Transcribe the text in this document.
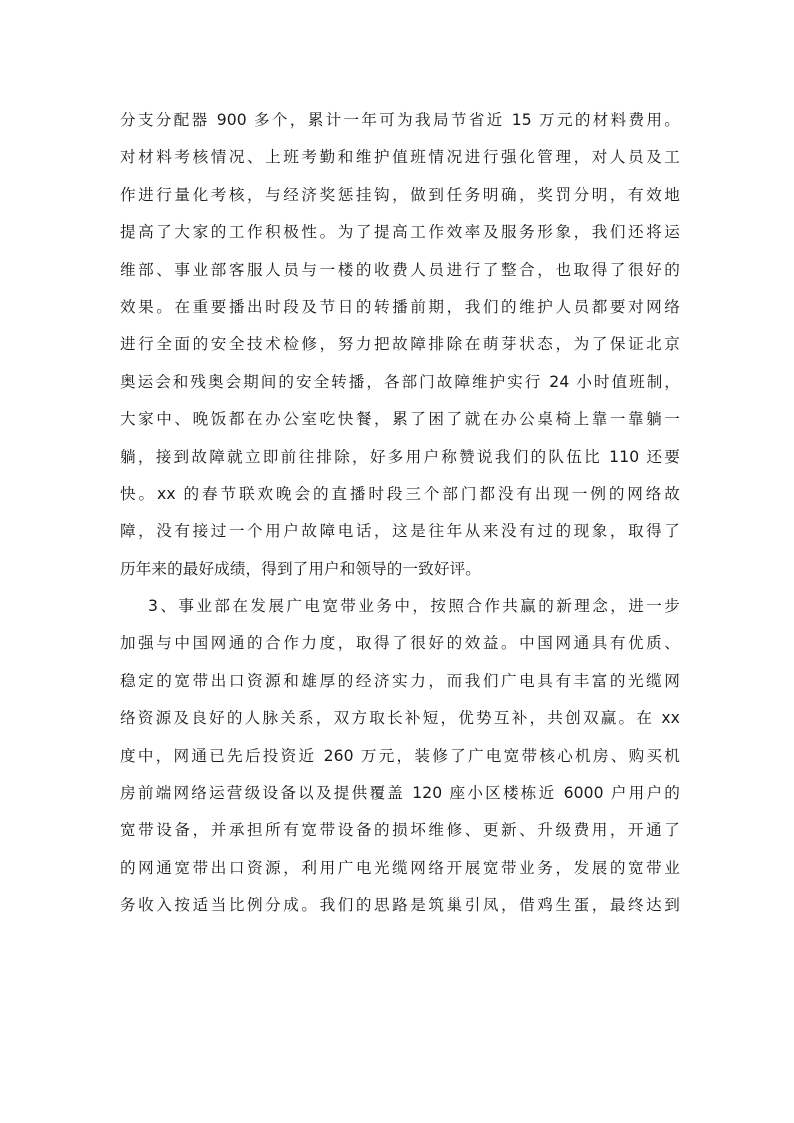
分支分配器 900 多个，累计一年可为我局节省近 15 万元的材料费用。
对材料考核情况、上班考勤和维护值班情况进行强化管理，对人员及工
作进行量化考核，与经济奖惩挂钩，做到任务明确，奖罚分明，有效地
提高了大家的工作积极性。为了提高工作效率及服务形象，我们还将运
维部、事业部客服人员与一楼的收费人员进行了整合，也取得了很好的
效果。在重要播出时段及节日的转播前期，我们的维护人员都要对网络
进行全面的安全技术检修，努力把故障排除在萌芽状态，为了保证北京
奥运会和残奥会期间的安全转播，各部门故障维护实行 24 小时值班制，
大家中、晚饭都在办公室吃快餐，累了困了就在办公桌椅上靠一靠躺一
躺，接到故障就立即前往排除，好多用户称赞说我们的队伍比 110 还要
快。xx 的春节联欢晚会的直播时段三个部门都没有出现一例的网络故
障，没有接过一个用户故障电话，这是往年从来没有过的现象，取得了
历年来的最好成绩，得到了用户和领导的一致好评。
3、事业部在发展广电宽带业务中，按照合作共赢的新理念，进一步
加强与中国网通的合作力度，取得了很好的效益。中国网通具有优质、
稳定的宽带出口资源和雄厚的经济实力，而我们广电具有丰富的光缆网
络资源及良好的人脉关系，双方取长补短，优势互补，共创双赢。在 xx
度中，网通已先后投资近 260 万元，装修了广电宽带核心机房、购买机
房前端网络运营级设备以及提供覆盖 120 座小区楼栋近 6000 户用户的
宽带设备，并承担所有宽带设备的损坏维修、更新、升级费用，开通了
的网通宽带出口资源，利用广电光缆网络开展宽带业务，发展的宽带业
务收入按适当比例分成。我们的思路是筑巢引凤，借鸡生蛋，最终达到
